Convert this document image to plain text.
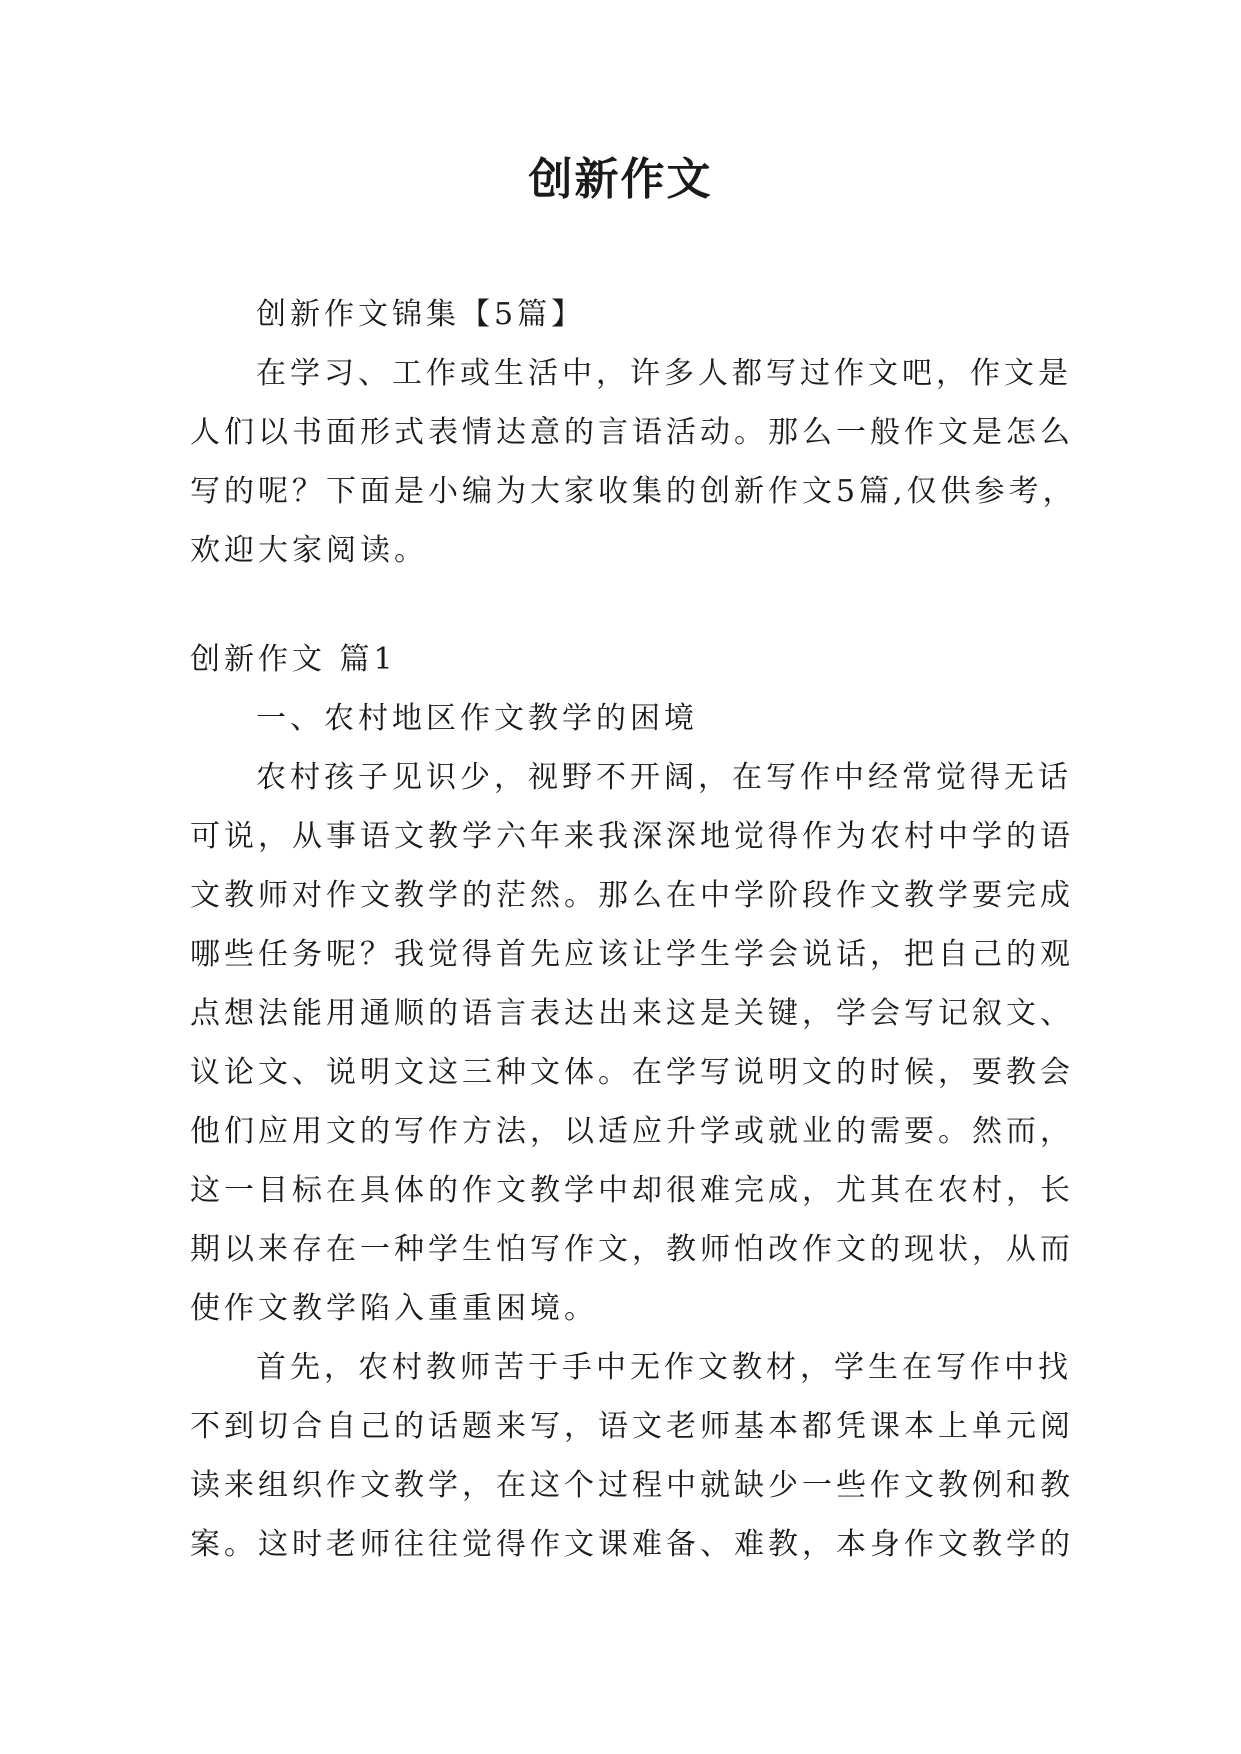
创新作文
创新作文锦集【5篇】
在学习、工作或生活中，许多人都写过作文吧，作文是
人们以书面形式表情达意的言语活动。那么一般作文是怎么
写的呢？下面是小编为大家收集的创新作文5篇,仅供参考，
欢迎大家阅读。
创新作文 篇1
一、农村地区作文教学的困境
农村孩子见识少，视野不开阔，在写作中经常觉得无话
可说，从事语文教学六年来我深深地觉得作为农村中学的语
文教师对作文教学的茫然。那么在中学阶段作文教学要完成
哪些任务呢？我觉得首先应该让学生学会说话，把自己的观
点想法能用通顺的语言表达出来这是关键，学会写记叙文、
议论文、说明文这三种文体。在学写说明文的时候，要教会
他们应用文的写作方法，以适应升学或就业的需要。然而，
这一目标在具体的作文教学中却很难完成，尤其在农村，长
期以来存在一种学生怕写作文，教师怕改作文的现状，从而
使作文教学陷入重重困境。
首先，农村教师苦于手中无作文教材，学生在写作中找
不到切合自己的话题来写，语文老师基本都凭课本上单元阅
读来组织作文教学，在这个过程中就缺少一些作文教例和教
案。这时老师往往觉得作文课难备、难教，本身作文教学的
